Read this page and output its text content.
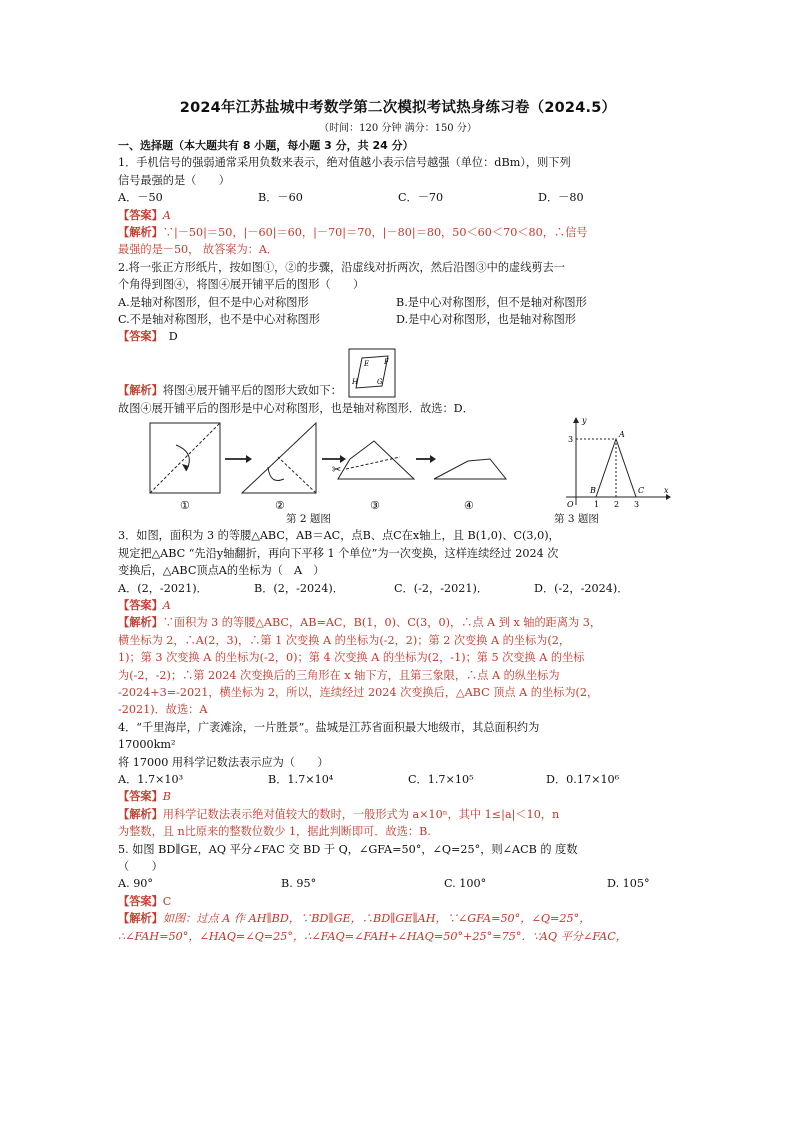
2024年江苏盐城中考数学第二次模拟考试热身练习卷（2024.5）
（时间：120 分钟 满分：150 分）
一、选择题（本大题共有 8 小题，每小题 3 分，共 24 分）
1．手机信号的强弱通常采用负数来表示，绝对值越小表示信号越强（单位：dBm），则下列
信号最强的是（　　）
A．－50	B．－60	C．－70	D．－80
【答案】A
【解析】∵|－50|＝50，|－60|＝60，|－70|＝70，|－80|＝80，50＜60＜70＜80，∴信号
最强的是－50， 故答案为：A．
2.将一张正方形纸片，按如图①，②的步骤，沿虚线对折两次，然后沿图③中的虚线剪去一
个角得到图④，将图④展开铺平后的图形（　　）
A.是轴对称图形，但不是中心对称图形	B.是中心对称图形，但不是轴对称图形
C.不是轴对称图形，也不是中心对称图形	D.是中心对称图形，也是轴对称图形
【答案】 D
【解析】 将图④展开铺平后的图形大致如下：
E F
G
H
故图④展开铺平后的图形是中心对称图形，也是轴对称图形．故选：D．
✂
y
x
O
A
B	C
3
1 2 3
①	②	③	④
第 2 题图	第 3 题图
3．如图，面积为 3 的等腰△ABC，AB＝AC，点B、点C在x轴上，且 B(1,0)、C(3,0)，
规定把△ABC “先沿y轴翻折，再向下平移 1 个单位”为一次变换，这样连续经过 2024 次
变换后，△ABC顶点A的坐标为（　A　）
A．(2，-2021)．	B．(2，-2024)．	C．(-2，-2021)．	D．(-2，-2024)．
【答案】A
【解析】∵面积为 3 的等腰△ABC，AB=AC，B(1，0)、C(3，0)，∴点 A 到 x 轴的距离为 3，
横坐标为 2，∴A(2，3)，∴第 1 次变换 A 的坐标为(-2，2)；第 2 次变换 A 的坐标为(2，
1)；第 3 次变换 A 的坐标为(-2，0)；第 4 次变换 A 的坐标为(2，-1)；第 5 次变换 A 的坐标
为(-2，-2)；∴第 2024 次变换后的三角形在 x 轴下方，且第三象限，∴点 A 的纵坐标为
-2024+3=-2021，横坐标为 2，所以，连续经过 2024 次变换后，△ABC 顶点 A 的坐标为(2，
-2021)．故选：A
4．“千里海岸，广袤滩涂，一片胜景”。盐城是江苏省面积最大地级市，其总面积约为
17000km²
将 17000 用科学记数法表示应为（　　）
A．1.7×10³	B．1.7×10⁴	C．1.7×10⁵	D．0.17×10⁶
【答案】B
【解析】用科学记数法表示绝对值较大的数时，一般形式为 a×10ⁿ，其中 1≤|a|＜10，n
为整数，且 n比原来的整数位数少 1，据此判断即可．故选：B.
5. 如图 BD∥GE，AQ 平分∠FAC 交 BD 于 Q，∠GFA=50°，∠Q=25°，则∠ACB 的 度数
（　　）
A. 90°	B. 95°	C. 100°	D. 105°
【答案】C
【解析】如图：过点 A 作 AH∥BD，∵BD∥GE，∴BD∥GE∥AH，∵∠GFA=50°，∠Q=25°，
∴∠FAH=50°，∠HAQ=∠Q=25°，∴∠FAQ=∠FAH+∠HAQ=50°+25°=75°．∵AQ 平分∠FAC，
